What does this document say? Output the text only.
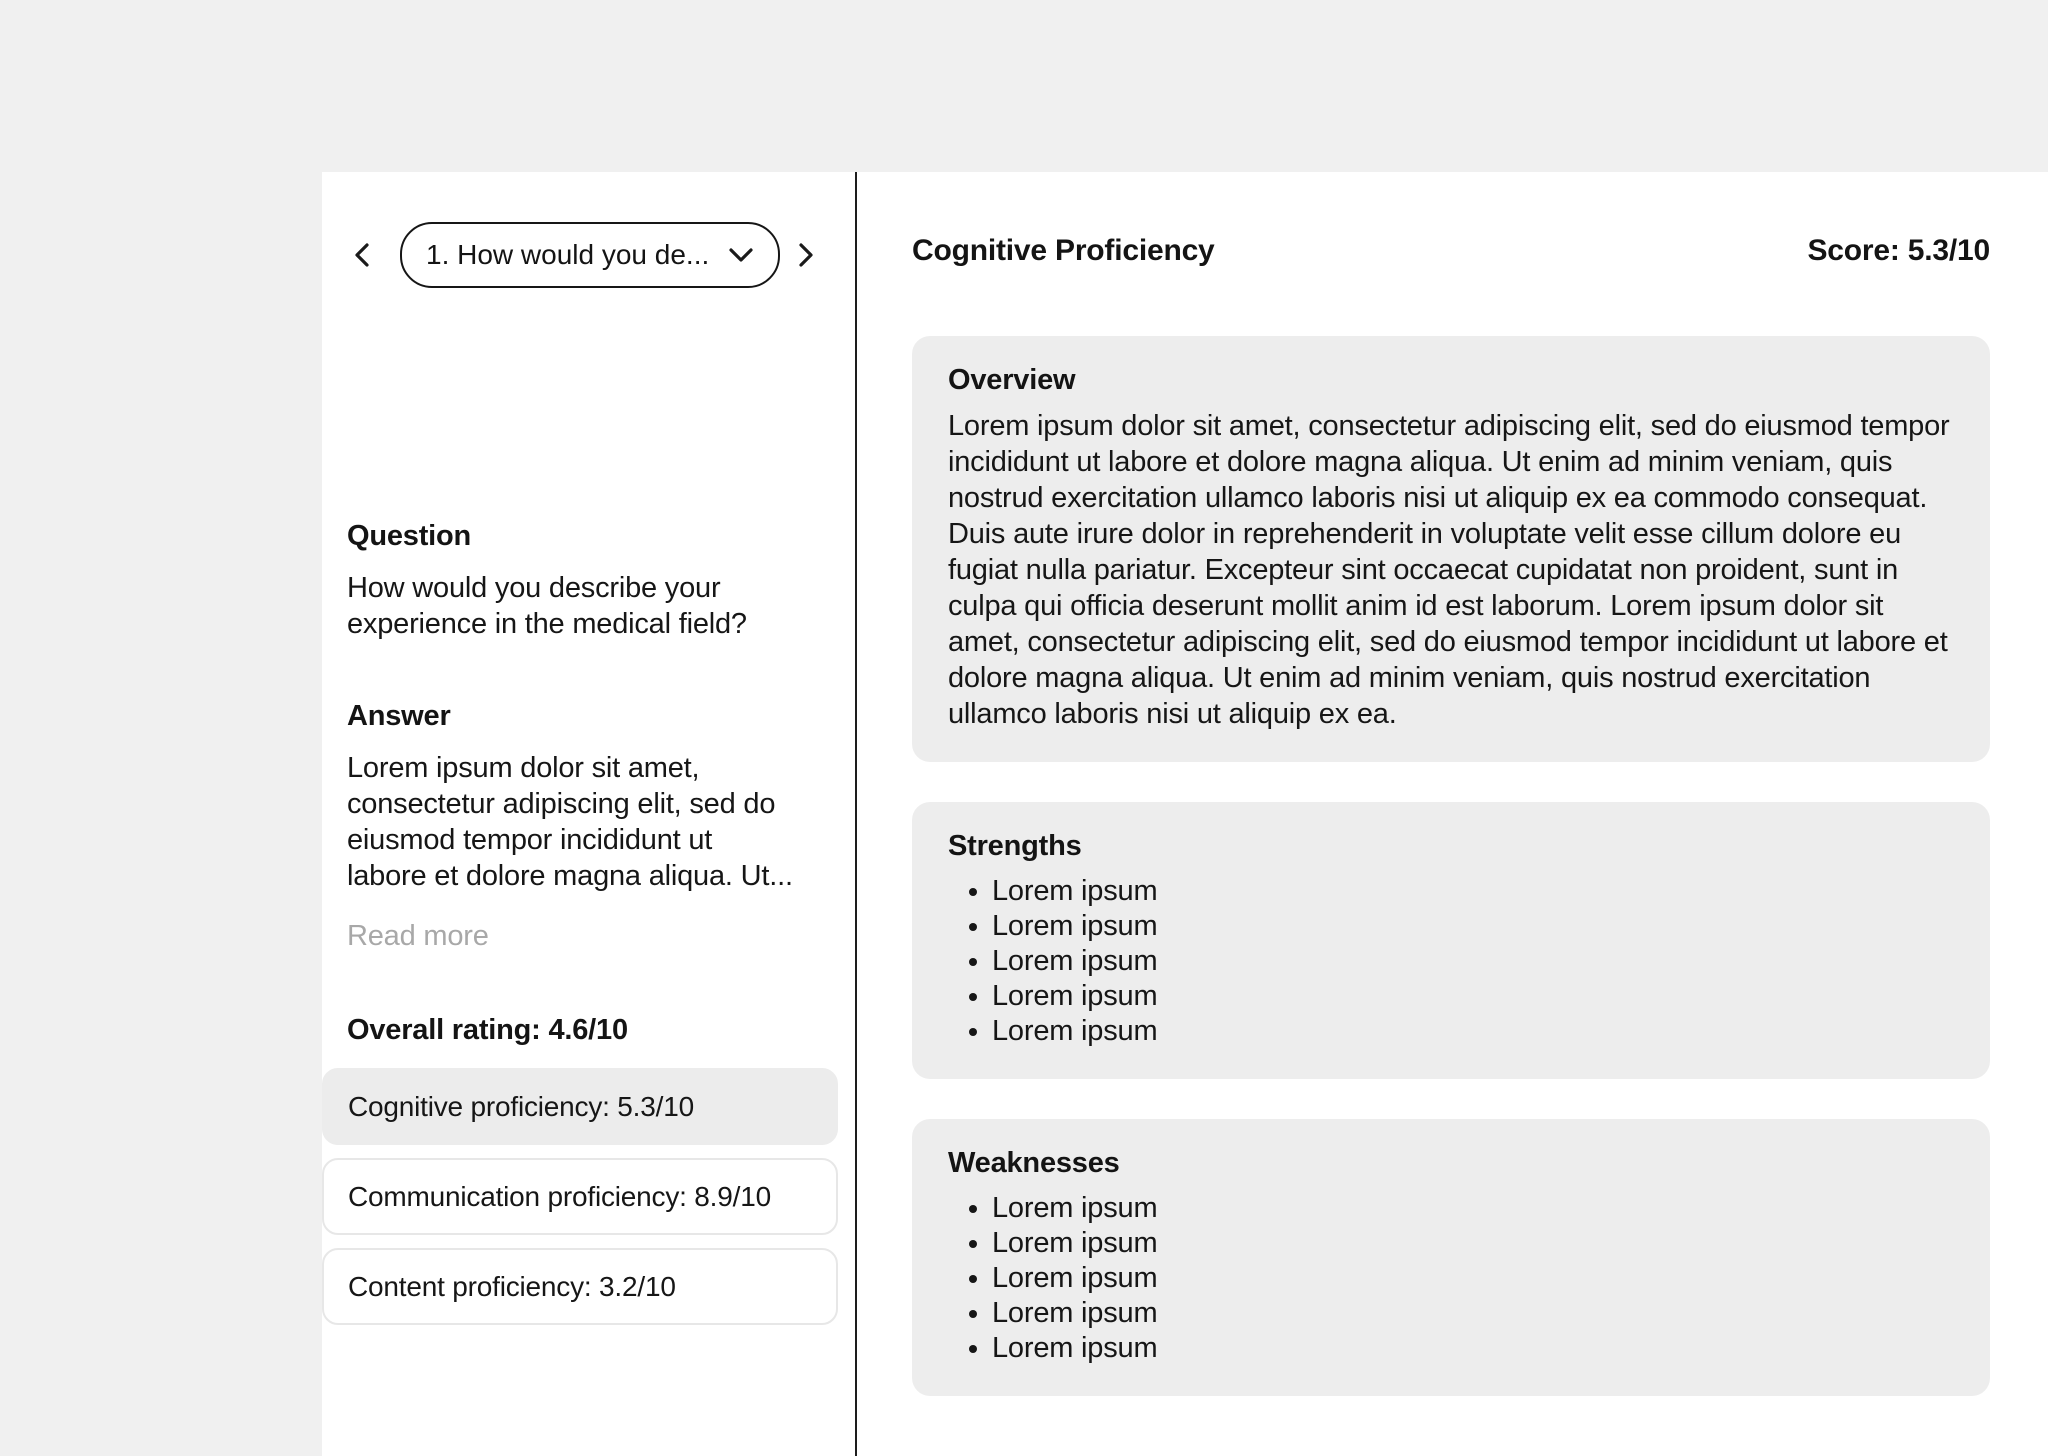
1. How would you de...
Question

How would you describe your experience in the medical field?

Answer

Lorem ipsum dolor sit amet, consectetur adipiscing elit, sed do eiusmod tempor incididunt ut labore et dolore magna aliqua. Ut...

Read more
Overall rating: 4.6/10
Cognitive proficiency: 5.3/10
Communication proficiency: 8.9/10
Content proficiency: 3.2/10
Cognitive Proficiency	Score: 5.3/10
Overview

Lorem ipsum dolor sit amet, consectetur adipiscing elit, sed do eiusmod tempor incididunt ut labore et dolore magna aliqua. Ut enim ad minim veniam, quis nostrud exercitation ullamco laboris nisi ut aliquip ex ea commodo consequat. Duis aute irure dolor in reprehenderit in voluptate velit esse cillum dolore eu fugiat nulla pariatur. Excepteur sint occaecat cupidatat non proident, sunt in culpa qui officia deserunt mollit anim id est laborum. Lorem ipsum dolor sit amet, consectetur adipiscing elit, sed do eiusmod tempor incididunt ut labore et dolore magna aliqua. Ut enim ad minim veniam, quis nostrud exercitation ullamco laboris nisi ut aliquip ex ea.

Strengths
• Lorem ipsum
• Lorem ipsum
• Lorem ipsum
• Lorem ipsum
• Lorem ipsum
Weaknesses
• Lorem ipsum
• Lorem ipsum
• Lorem ipsum
• Lorem ipsum
• Lorem ipsum
